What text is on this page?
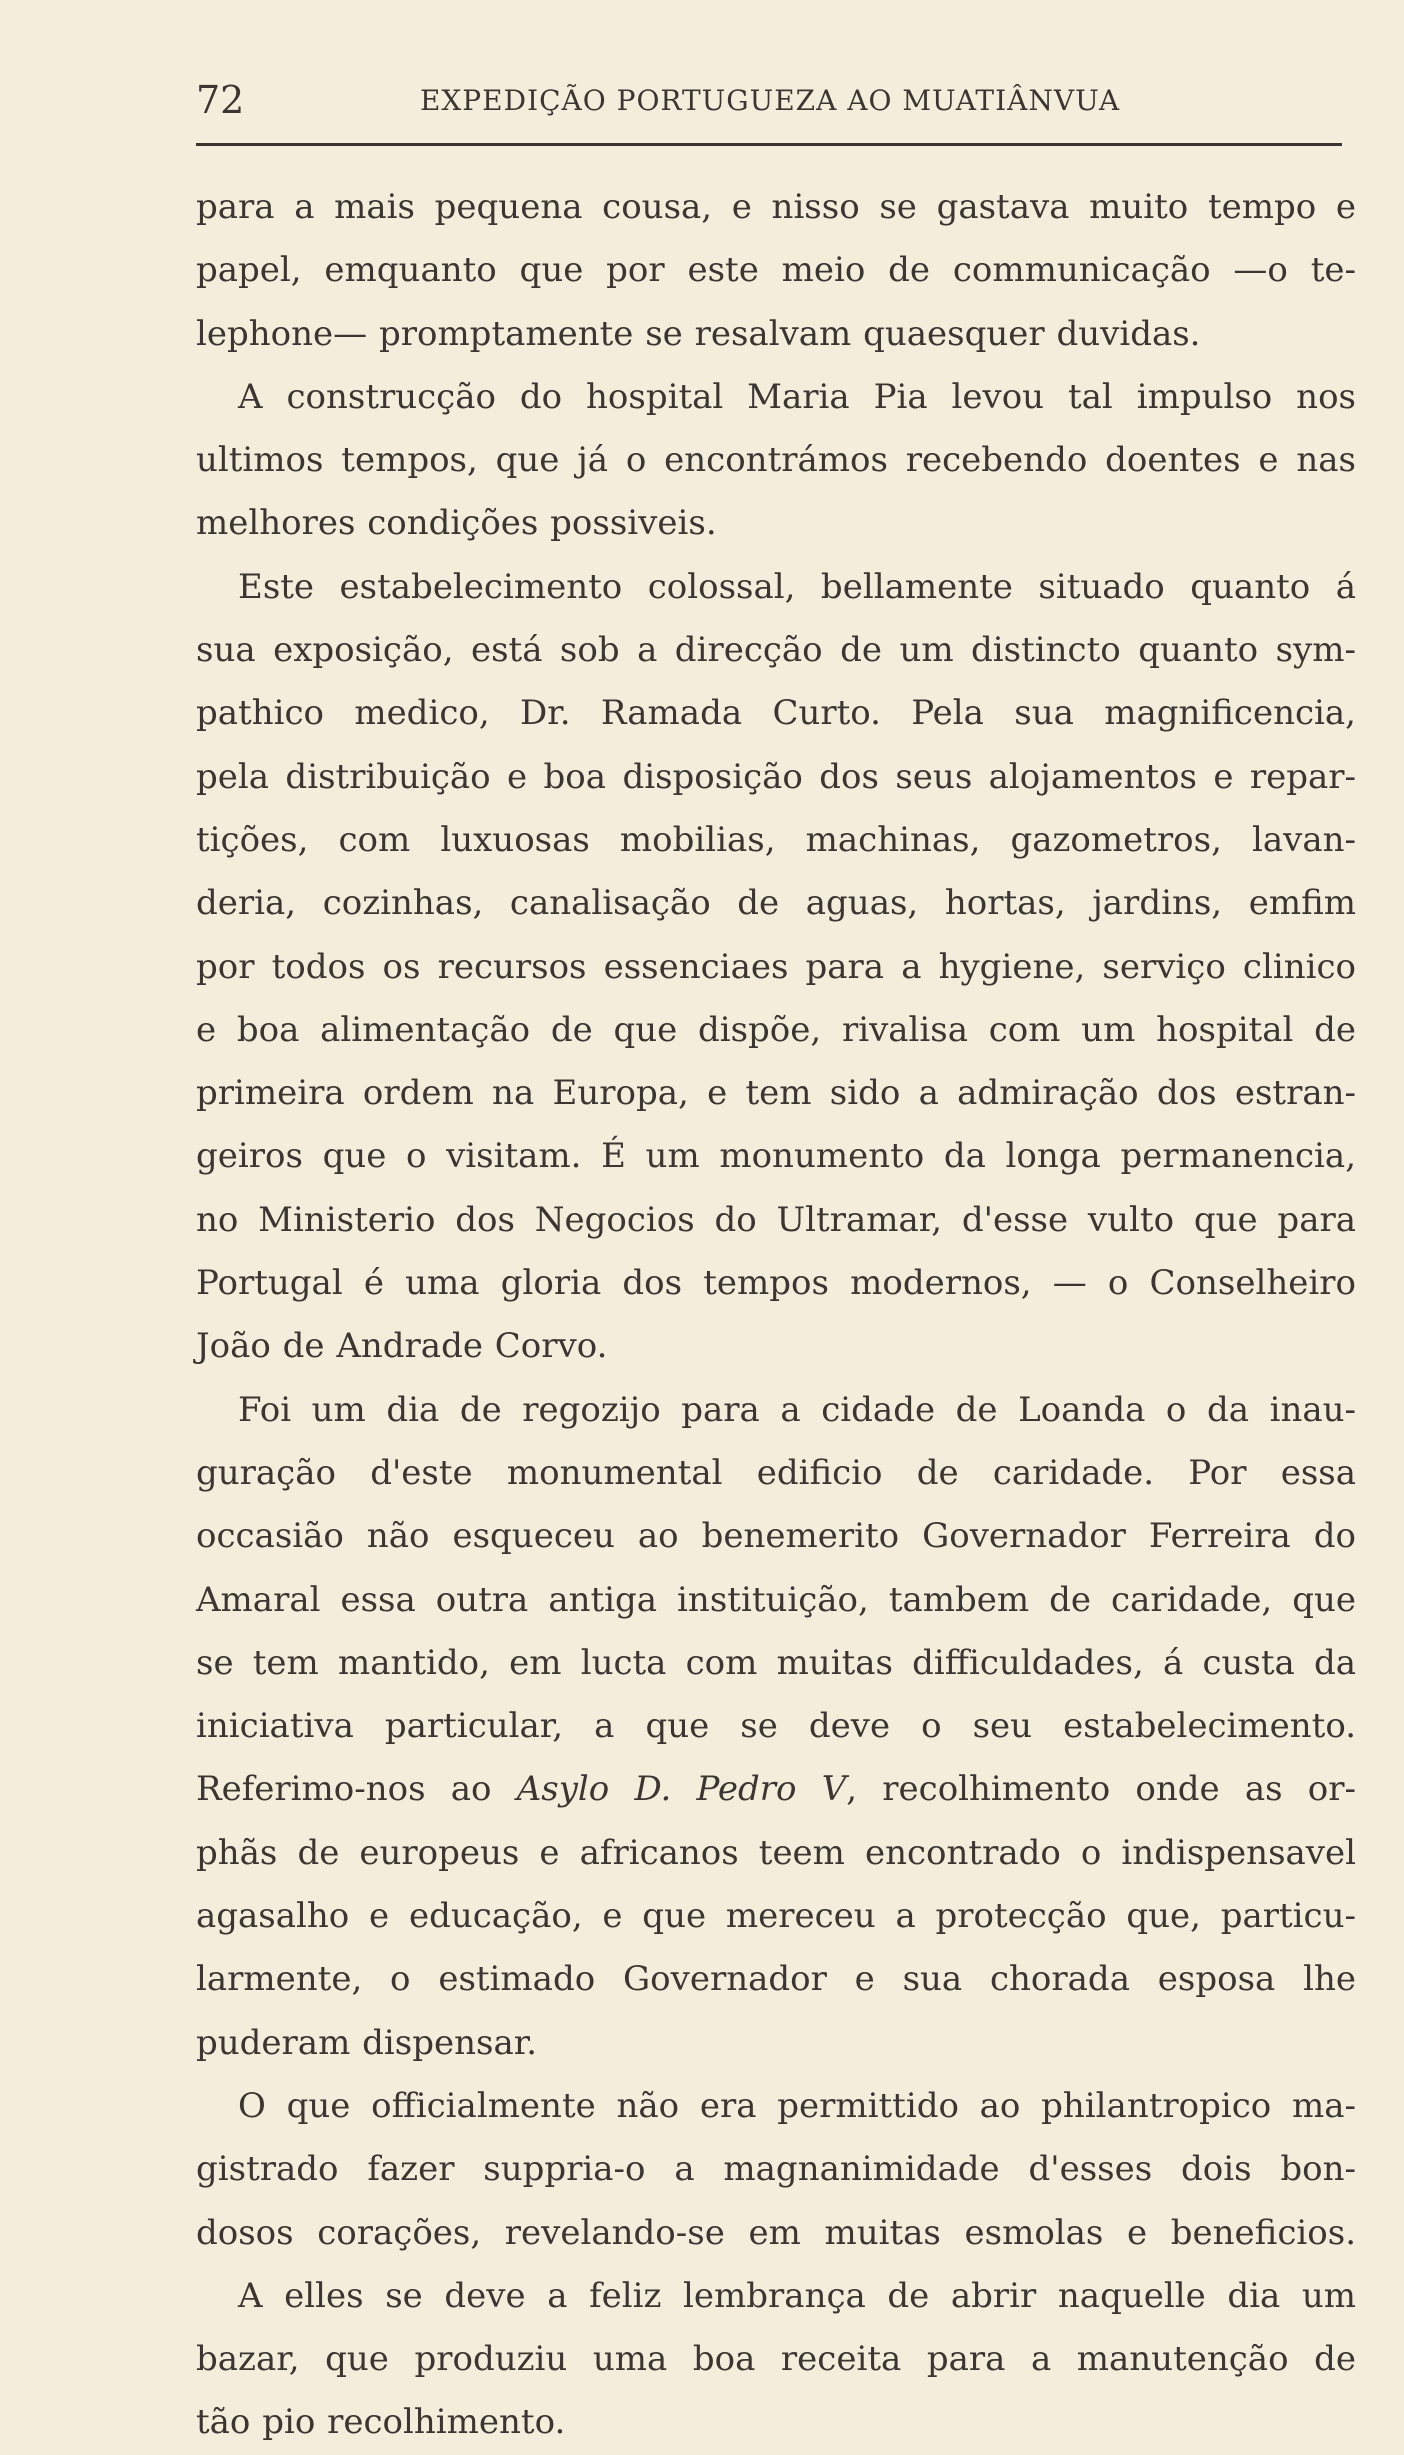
72	EXPEDIÇÃO PORTUGUEZA AO MUATIÂNVUA
para a mais pequena cousa, e nisso se gastava muito tempo e
papel, emquanto que por este meio de communicação —o te-
lephone— promptamente se resalvam quaesquer duvidas.
A construcção do hospital Maria Pia levou tal impulso nos
ultimos tempos, que já o encontrámos recebendo doentes e nas
melhores condições possiveis.
Este estabelecimento colossal, bellamente situado quanto á
sua exposição, está sob a direcção de um distincto quanto sym-
pathico medico, Dr. Ramada Curto. Pela sua magnificencia,
pela distribuição e boa disposição dos seus alojamentos e repar-
tições, com luxuosas mobilias, machinas, gazometros, lavan-
deria, cozinhas, canalisação de aguas, hortas, jardins, emfim
por todos os recursos essenciaes para a hygiene, serviço clinico
e boa alimentação de que dispõe, rivalisa com um hospital de
primeira ordem na Europa, e tem sido a admiração dos estran-
geiros que o visitam. É um monumento da longa permanencia,
no Ministerio dos Negocios do Ultramar, d'esse vulto que para
Portugal é uma gloria dos tempos modernos, — o Conselheiro
João de Andrade Corvo.
Foi um dia de regozijo para a cidade de Loanda o da inau-
guração d'este monumental edificio de caridade. Por essa
occasião não esqueceu ao benemerito Governador Ferreira do
Amaral essa outra antiga instituição, tambem de caridade, que
se tem mantido, em lucta com muitas difficuldades, á custa da
iniciativa particular, a que se deve o seu estabelecimento.
Referimo-nos ao Asylo D. Pedro V, recolhimento onde as or-
phãs de europeus e africanos teem encontrado o indispensavel
agasalho e educação, e que mereceu a protecção que, particu-
larmente, o estimado Governador e sua chorada esposa lhe
puderam dispensar.
O que officialmente não era permittido ao philantropico ma-
gistrado fazer suppria-o a magnanimidade d'esses dois bon-
dosos corações, revelando-se em muitas esmolas e beneficios.
A elles se deve a feliz lembrança de abrir naquelle dia um
bazar, que produziu uma boa receita para a manutenção de
tão pio recolhimento.
